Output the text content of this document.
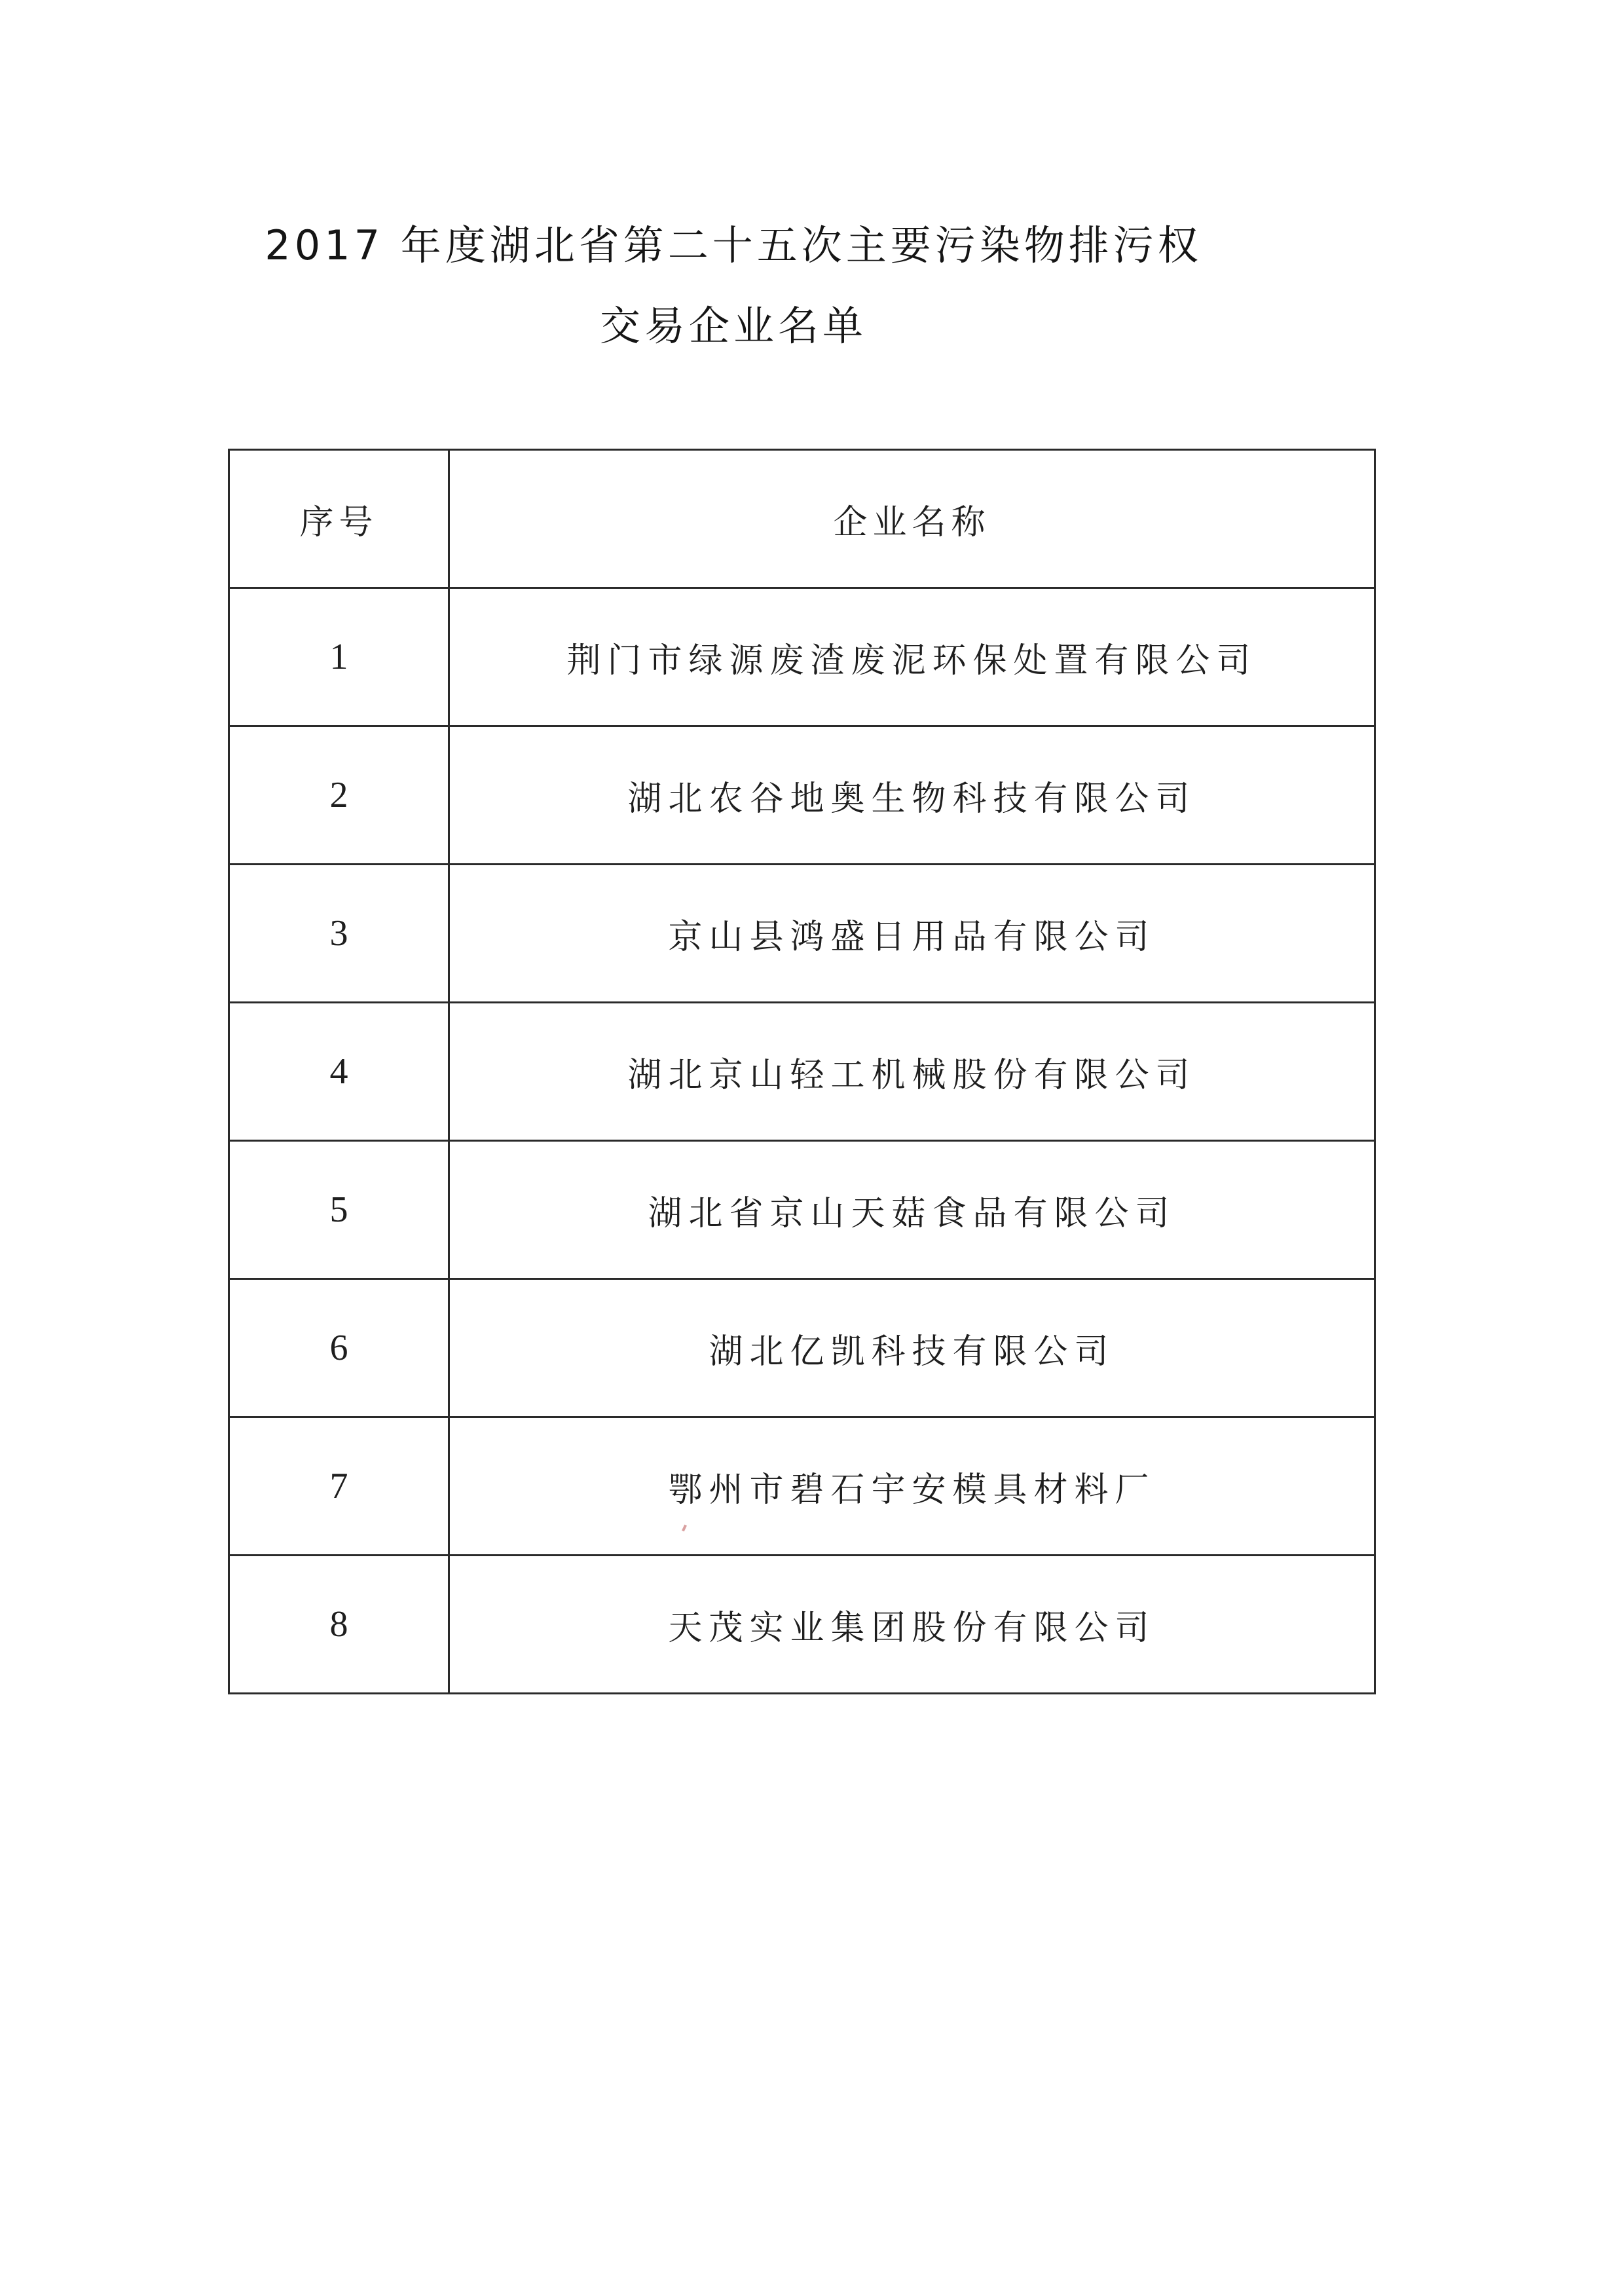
2017 年度湖北省第二十五次主要污染物排污权
交易企业名单
序号	企业名称
1	荆门市绿源废渣废泥环保处置有限公司
2	湖北农谷地奥生物科技有限公司
3	京山县鸿盛日用品有限公司
4	湖北京山轻工机械股份有限公司
5	湖北省京山天菇食品有限公司
6	湖北亿凯科技有限公司
7	鄂州市碧石宇安模具材料厂
8	天茂实业集团股份有限公司
